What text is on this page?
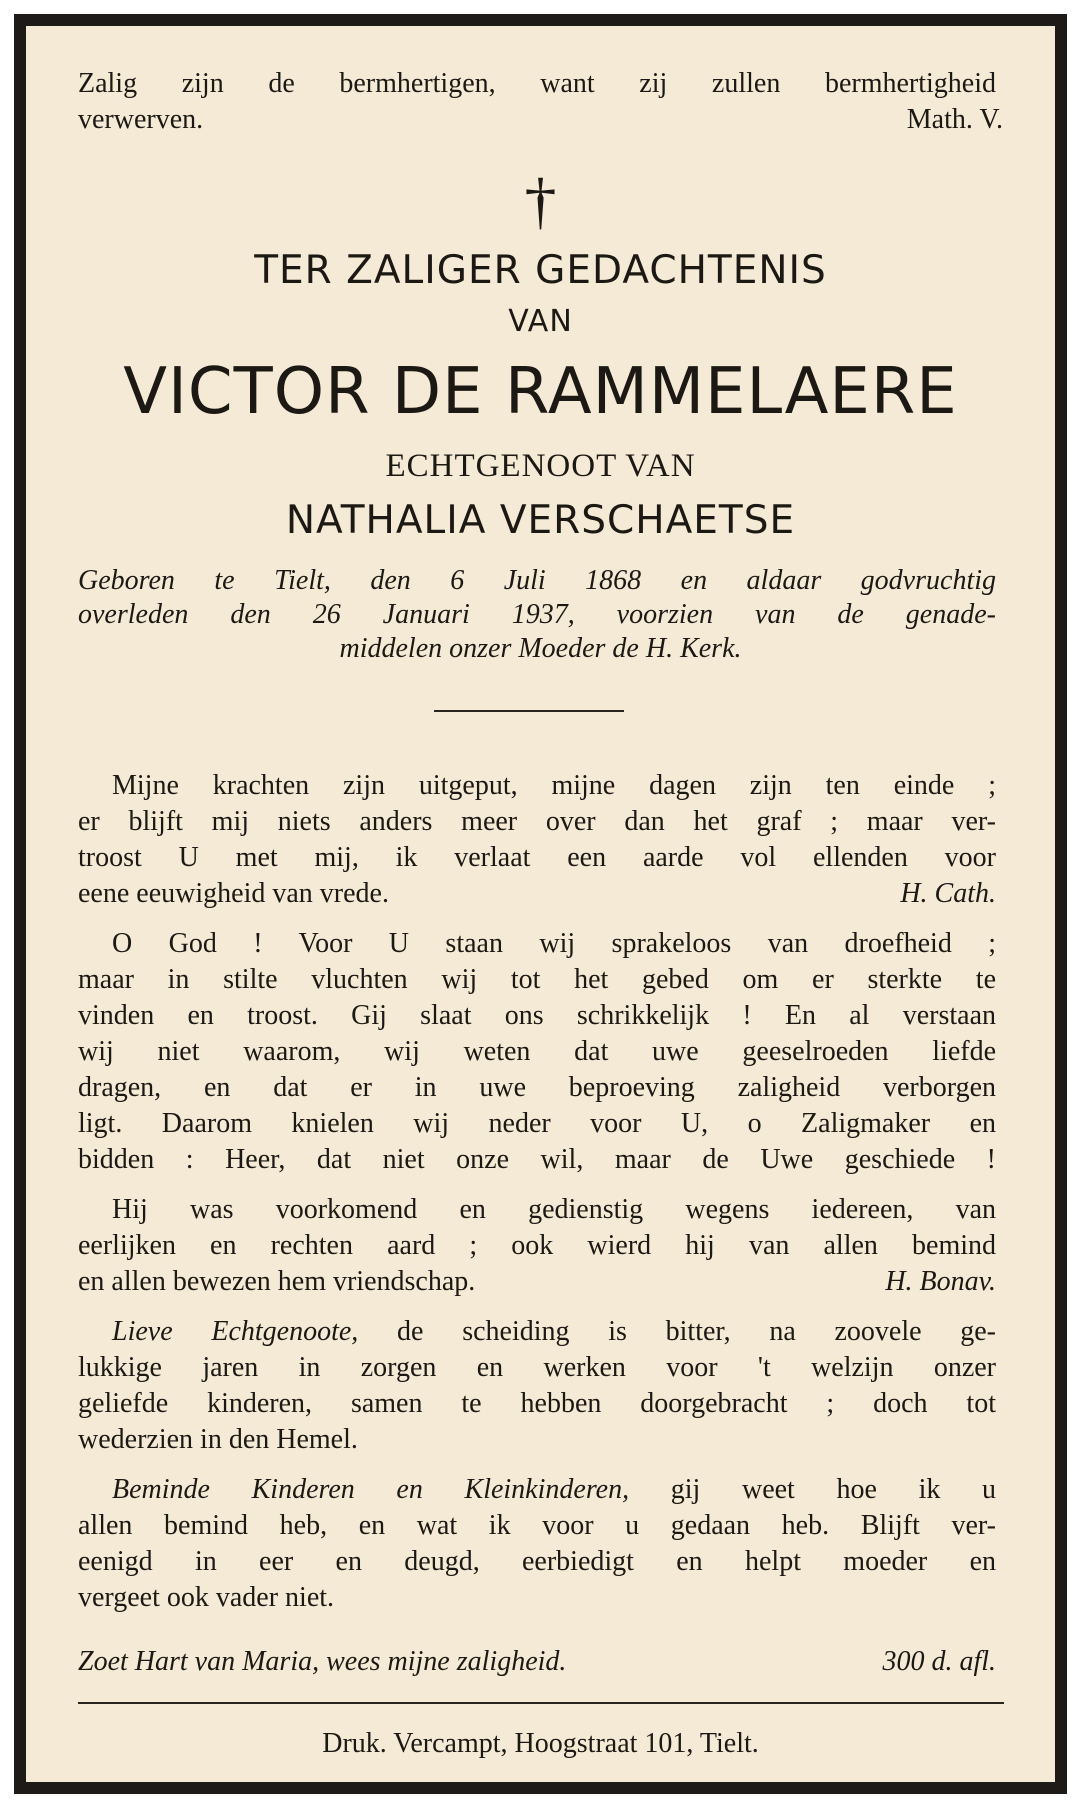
Zalig zijn de bermhertigen, want zij zullen bermhertigheid
verwerven.	Math. V.
†
TER ZALIGER GEDACHTENIS
VAN
VICTOR DE RAMMELAERE
ECHTGENOOT VAN
NATHALIA VERSCHAETSE
Geboren te Tielt, den 6 Juli 1868 en aldaar godvruchtig
overleden den 26 Januari 1937, voorzien van de genade-
middelen onzer Moeder de H. Kerk.
Mijne krachten zijn uitgeput, mijne dagen zijn ten einde ;
er blijft mij niets anders meer over dan het graf ; maar ver-
troost U met mij, ik verlaat een aarde vol ellenden voor
eene eeuwigheid van vrede.	H. Cath.
O God ! Voor U staan wij sprakeloos van droefheid ;
maar in stilte vluchten wij tot het gebed om er sterkte te
vinden en troost. Gij slaat ons schrikkelijk ! En al verstaan
wij niet waarom, wij weten dat uwe geeselroeden liefde
dragen, en dat er in uwe beproeving zaligheid verborgen
ligt. Daarom knielen wij neder voor U, o Zaligmaker en
bidden : Heer, dat niet onze wil, maar de Uwe geschiede !
Hij was voorkomend en gedienstig wegens iedereen, van
eerlijken en rechten aard ; ook wierd hij van allen bemind
en allen bewezen hem vriendschap.	H. Bonav.
Lieve Echtgenoote, de scheiding is bitter, na zoovele ge-
lukkige jaren in zorgen en werken voor 't welzijn onzer
geliefde kinderen, samen te hebben doorgebracht ; doch tot
wederzien in den Hemel.
Beminde Kinderen en Kleinkinderen, gij weet hoe ik u
allen bemind heb, en wat ik voor u gedaan heb. Blijft ver-
eenigd in eer en deugd, eerbiedigt en helpt moeder en
vergeet ook vader niet.
Zoet Hart van Maria, wees mijne zaligheid.	300 d. afl.
Druk. Vercampt, Hoogstraat 101, Tielt.
